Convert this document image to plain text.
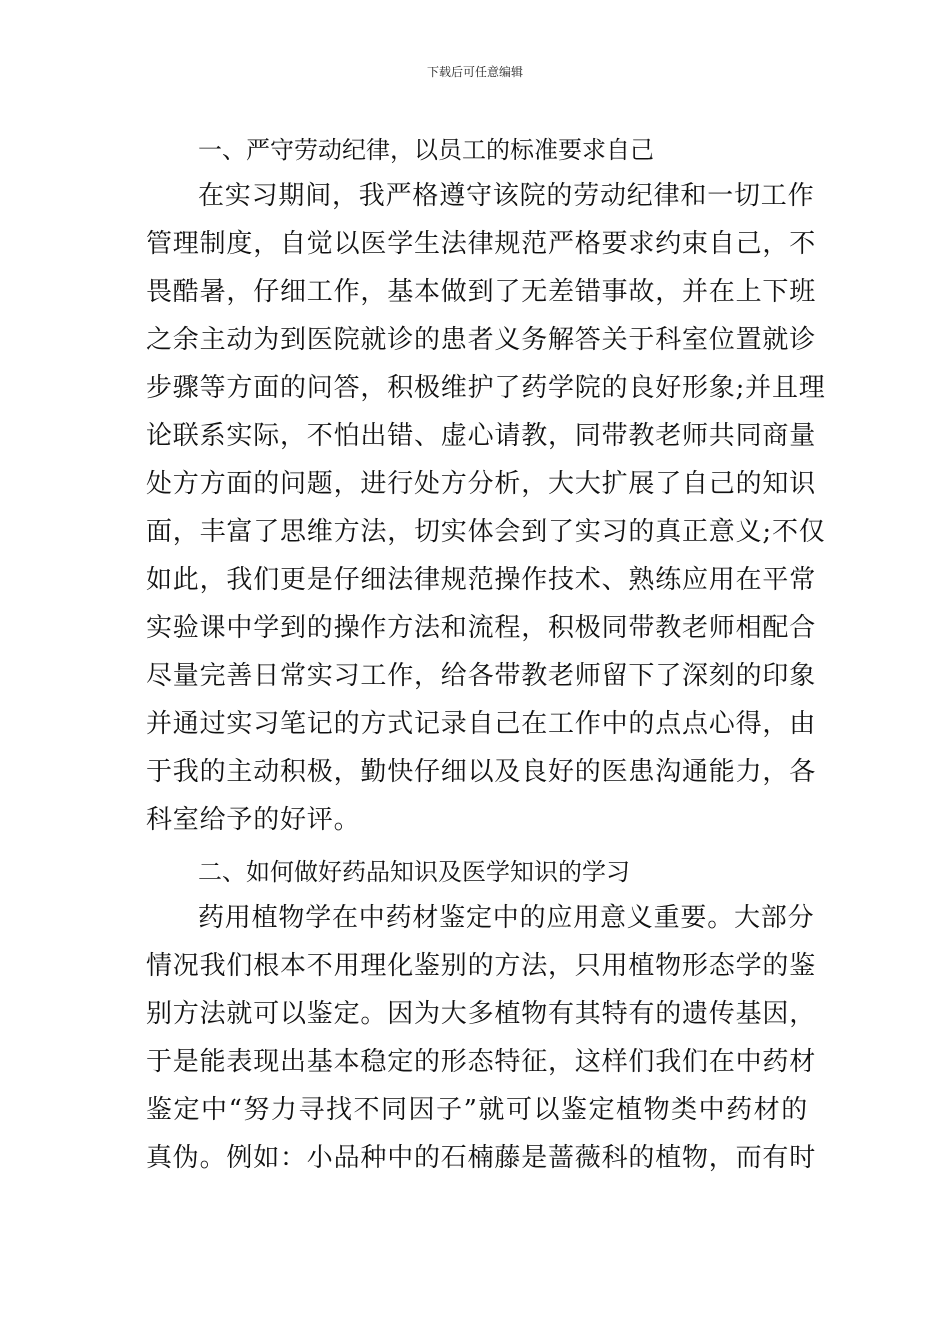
下载后可任意编辑
一、严守劳动纪律，以员工的标准要求自己
在实习期间，我严格遵守该院的劳动纪律和一切工作
管理制度，自觉以医学生法律规范严格要求约束自己，不
畏酷暑，仔细工作，基本做到了无差错事故，并在上下班
之余主动为到医院就诊的患者义务解答关于科室位置就诊
步骤等方面的问答，积极维护了药学院的良好形象;并且理
论联系实际，不怕出错、虚心请教，同带教老师共同商量
处方方面的问题，进行处方分析，大大扩展了自己的知识
面，丰富了思维方法，切实体会到了实习的真正意义;不仅
如此，我们更是仔细法律规范操作技术、熟练应用在平常
实验课中学到的操作方法和流程，积极同带教老师相配合
尽量完善日常实习工作，给各带教老师留下了深刻的印象
并通过实习笔记的方式记录自己在工作中的点点心得，由
于我的主动积极，勤快仔细以及良好的医患沟通能力，各
科室给予的好评。
二、如何做好药品知识及医学知识的学习
药用植物学在中药材鉴定中的应用意义重要。大部分
情况我们根本不用理化鉴别的方法，只用植物形态学的鉴
别方法就可以鉴定。因为大多植物有其特有的遗传基因，
于是能表现出基本稳定的形态特征，这样们我们在中药材
鉴定中“努力寻找不同因子”就可以鉴定植物类中药材的
真伪。例如：小品种中的石楠藤是蔷薇科的植物，而有时
